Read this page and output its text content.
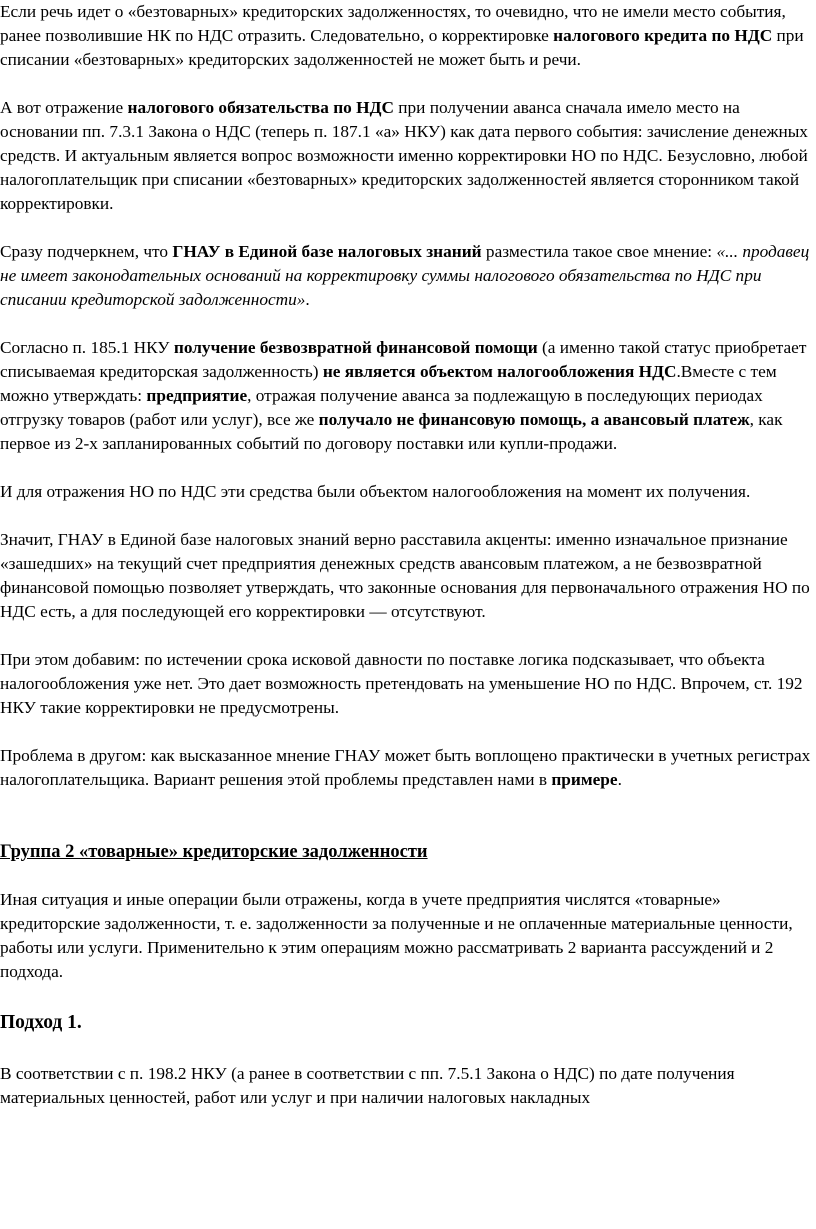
Если речь идет о «безтоварных» кредиторских задолженностях, то очевидно, что не имели место события, ранее позволившие НК по НДС отразить. Следовательно, о корректировке налогового кредита по НДС при списании «безтоварных» кредиторских задолженностей не может быть и речи.

А вот отражение налогового обязательства по НДС при получении аванса сначала имело место на основании пп. 7.3.1 Закона о НДС (теперь п. 187.1 «а» НКУ) как дата первого события: зачисление денежных средств. И актуальным является вопрос возможности именно корректировки НО по НДС. Безусловно, любой налогоплательщик при списании «безтоварных» кредиторских задолженностей является сторонником такой корректировки.

Сразу подчеркнем, что ГНАУ в Единой базе налоговых знаний разместила такое свое мнение: «... продавец не имеет законодательных оснований на корректировку суммы налогового обязательства по НДС при списании кредиторской задолженности».

Согласно п. 185.1 НКУ получение безвозвратной финансовой помощи (а именно такой статус приобретает списываемая кредиторская задолженность) не является объектом налогообложения НДС.Вместе с тем можно утверждать: предприятие, отражая получение аванса за подлежащую в последующих периодах отгрузку товаров (работ или услуг), все же получало не финансовую помощь, а авансовый платеж, как первое из 2-х запланированных событий по договору поставки или купли-продажи.

И для отражения НО по НДС эти средства были объектом налогообложения на момент их получения.

Значит, ГНАУ в Единой базе налоговых знаний верно расставила акценты: именно изначальное признание «зашедших» на текущий счет предприятия денежных средств авансовым платежом, а не безвозвратной финансовой помощью позволяет утверждать, что законные основания для первоначального отражения НО по НДС есть, а для последующей его корректировки — отсутствуют.

При этом добавим: по истечении срока исковой давности по поставке логика подсказывает, что объекта налогообложения уже нет. Это дает возможность претендовать на уменьшение НО по НДС. Впрочем, ст. 192 НКУ такие корректировки не предусмотрены.

Проблема в другом: как высказанное мнение ГНАУ может быть воплощено практически в учетных регистрах налогоплательщика. Вариант решения этой проблемы представлен нами в примере.

Группа 2 «товарные» кредиторские задолженности

Иная ситуация и иные операции были отражены, когда в учете предприятия числятся «товарные» кредиторские задолженности, т. е. задолженности за полученные и не оплаченные материальные ценности, работы или услуги. Применительно к этим операциям можно рассматривать 2 варианта рассуждений и 2 подхода.

Подход 1.

В соответствии с п. 198.2 НКУ (а ранее в соответствии с пп. 7.5.1 Закона о НДС) по дате получения материальных ценностей, работ или услуг и при наличии налоговых накладных
